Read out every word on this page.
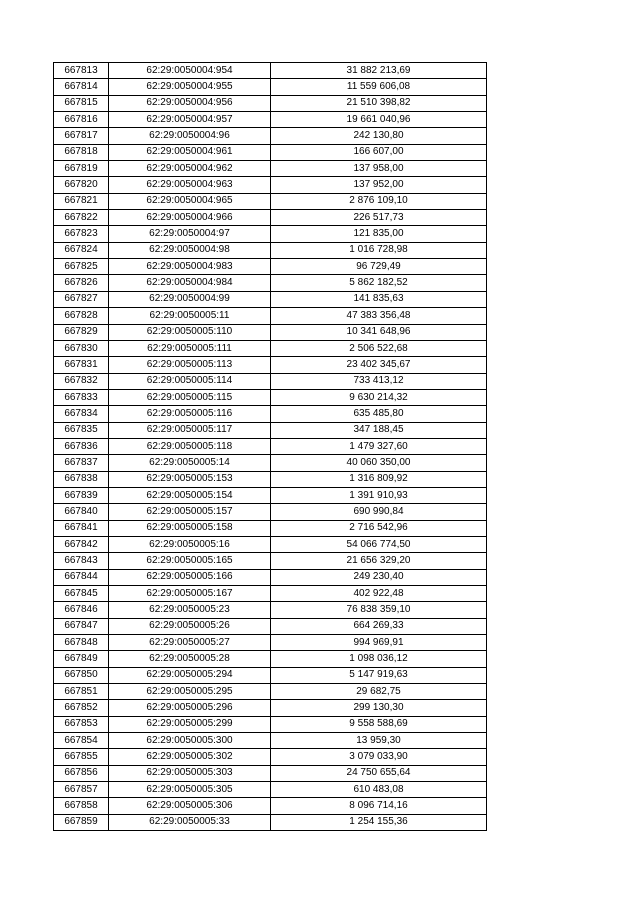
667813	62:29:0050004:954	31 882 213,69
667814	62:29:0050004:955	11 559 606,08
667815	62:29:0050004:956	21 510 398,82
667816	62:29:0050004:957	19 661 040,96
667817	62:29:0050004:96	242 130,80
667818	62:29:0050004:961	166 607,00
667819	62:29:0050004:962	137 958,00
667820	62:29:0050004:963	137 952,00
667821	62:29:0050004:965	2 876 109,10
667822	62:29:0050004:966	226 517,73
667823	62:29:0050004:97	121 835,00
667824	62:29:0050004:98	1 016 728,98
667825	62:29:0050004:983	96 729,49
667826	62:29:0050004:984	5 862 182,52
667827	62:29:0050004:99	141 835,63
667828	62:29:0050005:11	47 383 356,48
667829	62:29:0050005:110	10 341 648,96
667830	62:29:0050005:111	2 506 522,68
667831	62:29:0050005:113	23 402 345,67
667832	62:29:0050005:114	733 413,12
667833	62:29:0050005:115	9 630 214,32
667834	62:29:0050005:116	635 485,80
667835	62:29:0050005:117	347 188,45
667836	62:29:0050005:118	1 479 327,60
667837	62:29:0050005:14	40 060 350,00
667838	62:29:0050005:153	1 316 809,92
667839	62:29:0050005:154	1 391 910,93
667840	62:29:0050005:157	690 990,84
667841	62:29:0050005:158	2 716 542,96
667842	62:29:0050005:16	54 066 774,50
667843	62:29:0050005:165	21 656 329,20
667844	62:29:0050005:166	249 230,40
667845	62:29:0050005:167	402 922,48
667846	62:29:0050005:23	76 838 359,10
667847	62:29:0050005:26	664 269,33
667848	62:29:0050005:27	994 969,91
667849	62:29:0050005:28	1 098 036,12
667850	62:29:0050005:294	5 147 919,63
667851	62:29:0050005:295	29 682,75
667852	62:29:0050005:296	299 130,30
667853	62:29:0050005:299	9 558 588,69
667854	62:29:0050005:300	13 959,30
667855	62:29:0050005:302	3 079 033,90
667856	62:29:0050005:303	24 750 655,64
667857	62:29:0050005:305	610 483,08
667858	62:29:0050005:306	8 096 714,16
667859	62:29:0050005:33	1 254 155,36
